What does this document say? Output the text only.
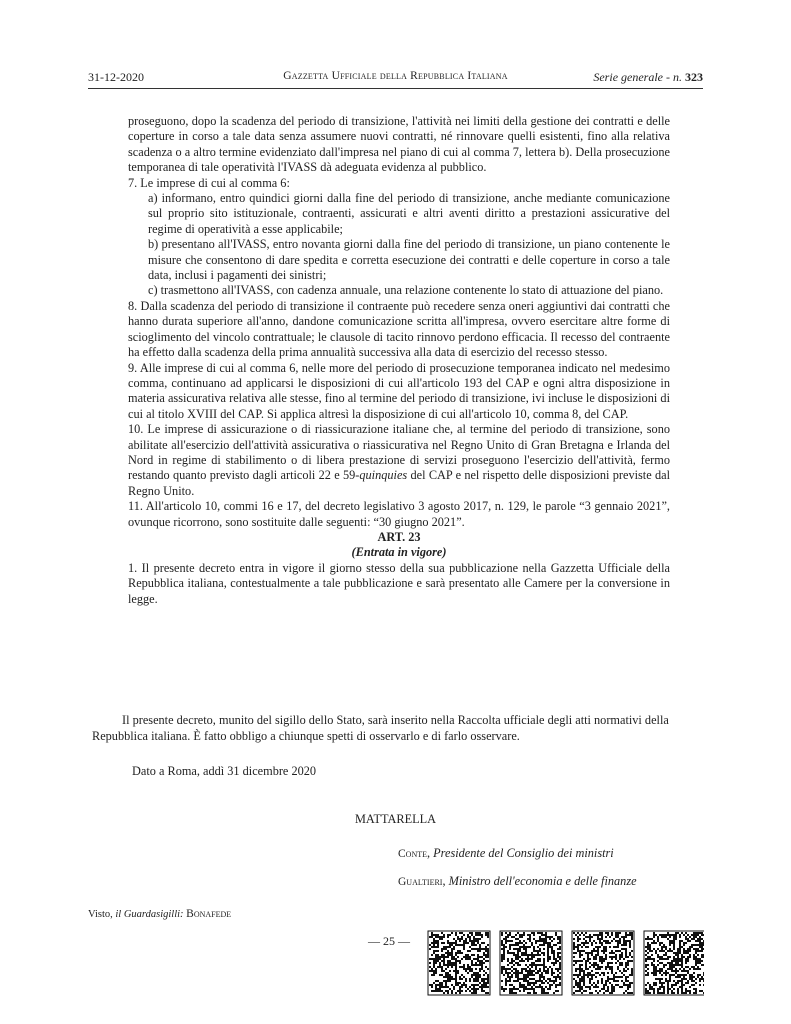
31-12-2020	Gazzetta Ufficiale della Repubblica Italiana	Serie generale - n. 323

proseguono, dopo la scadenza del periodo di transizione, l'attività nei limiti della gestione dei contratti e delle coperture in corso a tale data senza assumere nuovi contratti, né rinnovare quelli esistenti, fino alla relativa scadenza o a altro termine evidenziato dall'impresa nel piano di cui al comma 7, lettera b). Della prosecuzione temporanea di tale operatività l'IVASS dà adeguata evidenza al pubblico.

7. Le imprese di cui al comma 6:

a) informano, entro quindici giorni dalla fine del periodo di transizione, anche mediante comunicazione sul proprio sito istituzionale, contraenti, assicurati e altri aventi diritto a prestazioni assicurative del regime di operatività a esse applicabile;

b) presentano all'IVASS, entro novanta giorni dalla fine del periodo di transizione, un piano contenente le misure che consentono di dare spedita e corretta esecuzione dei contratti e delle coperture in corso a tale data, inclusi i pagamenti dei sinistri;

c) trasmettono all'IVASS, con cadenza annuale, una relazione contenente lo stato di attuazione del piano.

8. Dalla scadenza del periodo di transizione il contraente può recedere senza oneri aggiuntivi dai contratti che hanno durata superiore all'anno, dandone comunicazione scritta all'impresa, ovvero esercitare altre forme di scioglimento del vincolo contrattuale; le clausole di tacito rinnovo perdono efficacia. Il recesso del contraente ha effetto dalla scadenza della prima annualità successiva alla data di esercizio del recesso stesso.

9. Alle imprese di cui al comma 6, nelle more del periodo di prosecuzione temporanea indicato nel medesimo comma, continuano ad applicarsi le disposizioni di cui all'articolo 193 del CAP e ogni altra disposizione in materia assicurativa relativa alle stesse, fino al termine del periodo di transizione, ivi incluse le disposizioni di cui al titolo XVIII del CAP. Si applica altresì la disposizione di cui all'articolo 10, comma 8, del CAP.

10. Le imprese di assicurazione o di riassicurazione italiane che, al termine del periodo di transizione, sono abilitate all'esercizio dell'attività assicurativa o riassicurativa nel Regno Unito di Gran Bretagna e Irlanda del Nord in regime di stabilimento o di libera prestazione di servizi proseguono l'esercizio dell'attività, fermo restando quanto previsto dagli articoli 22 e 59-quinquies del CAP e nel rispetto delle disposizioni previste dal Regno Unito.

11. All'articolo 10, commi 16 e 17, del decreto legislativo 3 agosto 2017, n. 129, le parole “3 gennaio 2021”, ovunque ricorrono, sono sostituite dalle seguenti: “30 giugno 2021”.

ART. 23

(Entrata in vigore)

1. Il presente decreto entra in vigore il giorno stesso della sua pubblicazione nella Gazzetta Ufficiale della Repubblica italiana, contestualmente a tale pubblicazione e sarà presentato alle Camere per la conversione in legge.

Il presente decreto, munito del sigillo dello Stato, sarà inserito nella Raccolta ufficiale degli atti normativi della Repubblica italiana. È fatto obbligo a chiunque spetti di osservarlo e di farlo osservare.

Dato a Roma, addì 31 dicembre 2020
MATTARELLA
Conte, Presidente del Consiglio dei ministri
Gualtieri, Ministro dell'economia e delle finanze
Visto, il Guardasigilli: Bonafede
— 25 —
